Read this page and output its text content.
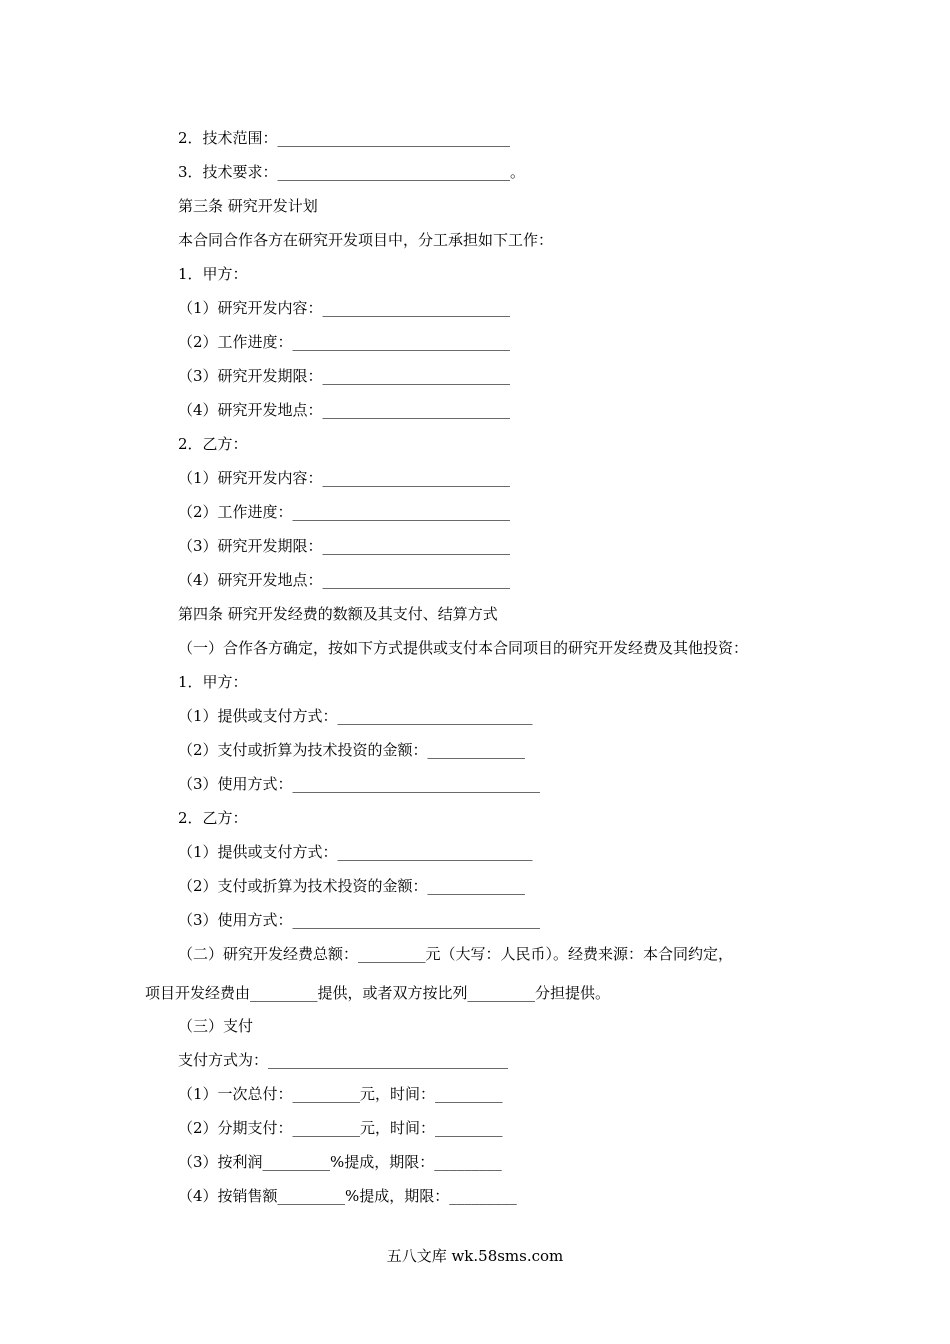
2．技术范围：_______________________________
3．技术要求：_______________________________。
第三条 研究开发计划
本合同合作各方在研究开发项目中，分工承担如下工作：
1．甲方：
（1）研究开发内容：_________________________
（2）工作进度：_____________________________
（3）研究开发期限：_________________________
（4）研究开发地点：_________________________
2．乙方：
（1）研究开发内容：_________________________
（2）工作进度：_____________________________
（3）研究开发期限：_________________________
（4）研究开发地点：_________________________
第四条 研究开发经费的数额及其支付、结算方式
（一）合作各方确定，按如下方式提供或支付本合同项目的研究开发经费及其他投资：
1．甲方：
（1）提供或支付方式：__________________________
（2）支付或折算为技术投资的金额：_____________
（3）使用方式：_________________________________
2．乙方：
（1）提供或支付方式：__________________________
（2）支付或折算为技术投资的金额：_____________
（3）使用方式：_________________________________
（二）研究开发经费总额：_________元（大写：人民币）。经费来源：本合同约定，
项目开发经费由_________提供，或者双方按比列_________分担提供。
（三）支付
支付方式为：________________________________
（1）一次总付：_________元，时间：_________
（2）分期支付：_________元，时间：_________
（3）按利润_________%提成，期限：_________
（4）按销售额_________%提成，期限：_________
五八文库 wk.58sms.com
